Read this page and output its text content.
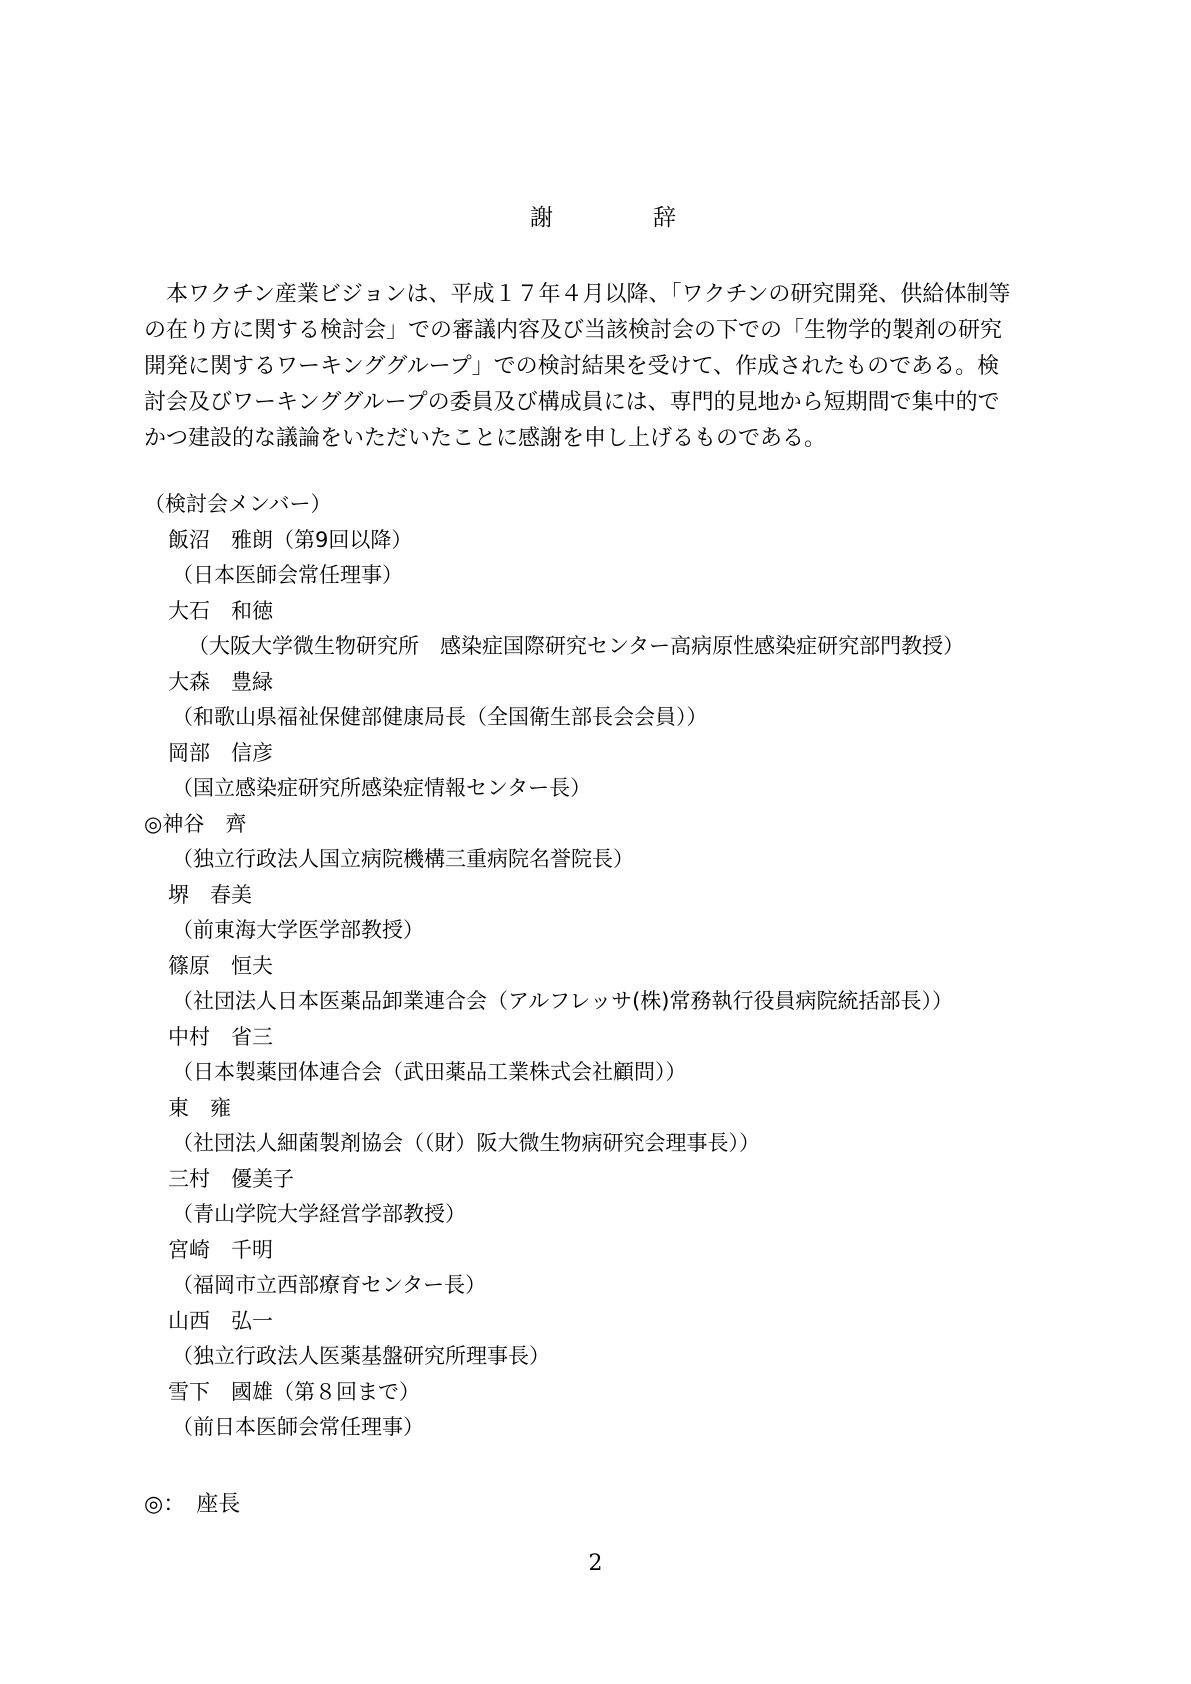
謝	辞
　本ワクチン産業ビジョンは、平成１７年４月以降、「ワクチンの研究開発、供給体制等
の在り方に関する検討会」での審議内容及び当該検討会の下での「生物学的製剤の研究
開発に関するワーキンググループ」での検討結果を受けて、作成されたものである。検
討会及びワーキンググループの委員及び構成員には、専門的見地から短期間で集中的で
かつ建設的な議論をいただいたことに感謝を申し上げるものである。
（検討会メンバー）
飯沼　雅朗（第9回以降）
（日本医師会常任理事）
大石　和徳
（大阪大学微生物研究所　感染症国際研究センター高病原性感染症研究部門教授）
大森　豊緑
（和歌山県福祉保健部健康局長（全国衛生部長会会員））
岡部　信彦
（国立感染症研究所感染症情報センター長）
◎神谷　齊
（独立行政法人国立病院機構三重病院名誉院長）
堺　春美
（前東海大学医学部教授）
篠原　恒夫
（社団法人日本医薬品卸業連合会（アルフレッサ(株)常務執行役員病院統括部長））
中村　省三
（日本製薬団体連合会（武田薬品工業株式会社顧問））
東　雍
（社団法人細菌製剤協会（（財）阪大微生物病研究会理事長））
三村　優美子
（青山学院大学経営学部教授）
宮崎　千明
（福岡市立西部療育センター長）
山西　弘一
（独立行政法人医薬基盤研究所理事長）
雪下　國雄（第８回まで）
（前日本医師会常任理事）
◎：　座長
2
